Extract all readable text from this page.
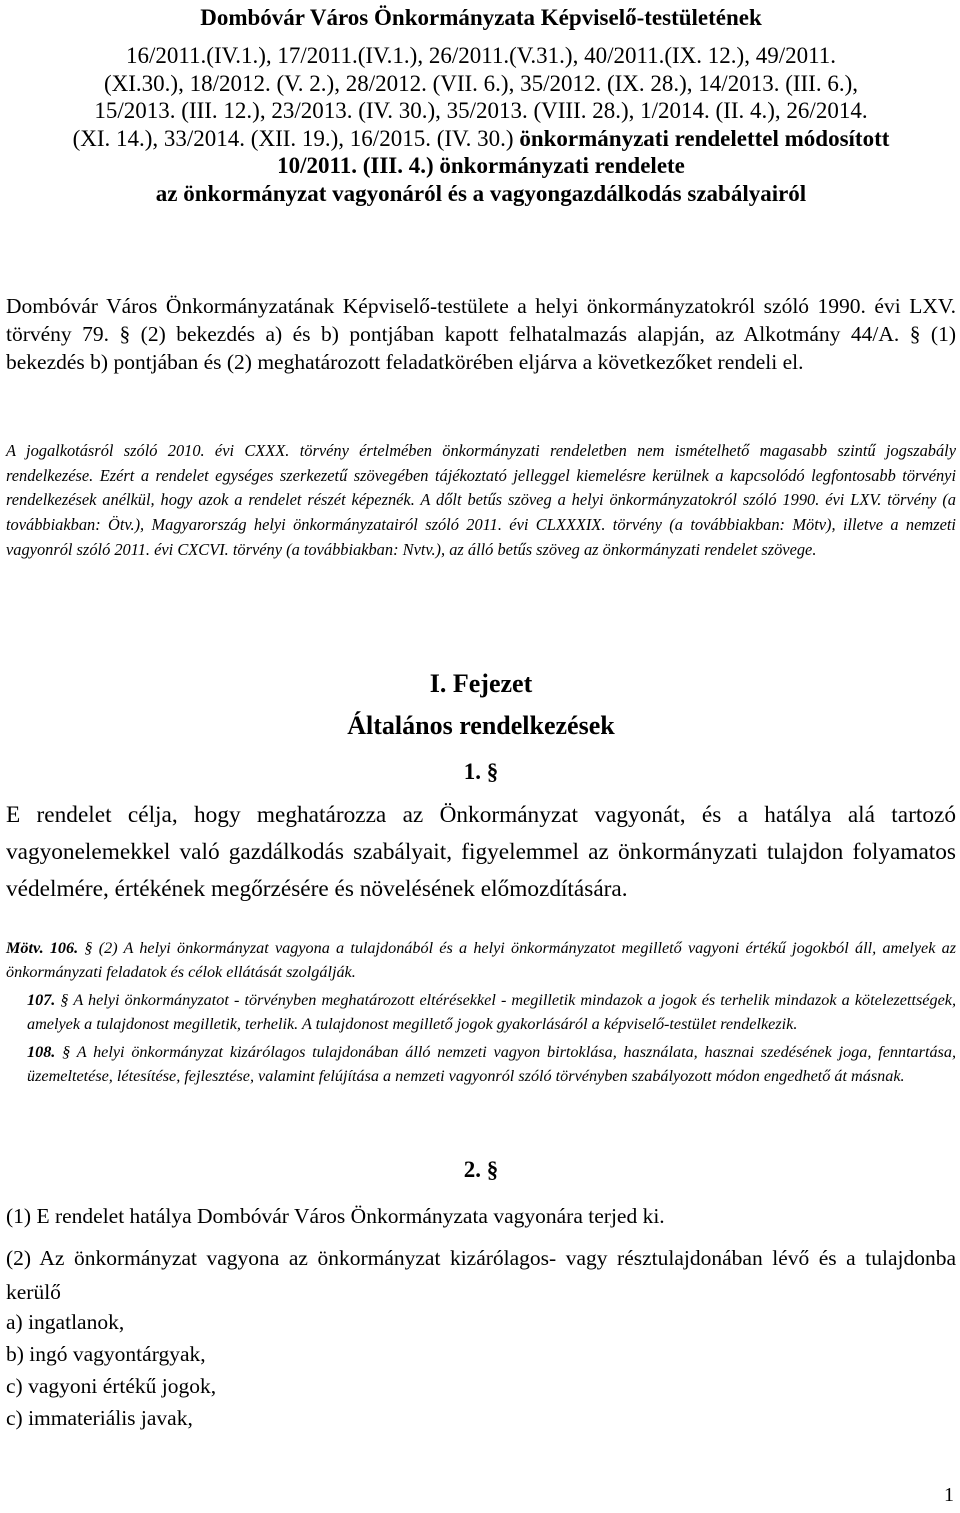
Dombóvár Város Önkormányzata Képviselő-testületének
16/2011.(IV.1.), 17/2011.(IV.1.), 26/2011.(V.31.), 40/2011.(IX. 12.), 49/2011.
(XI.30.), 18/2012. (V. 2.), 28/2012. (VII. 6.), 35/2012. (IX. 28.), 14/2013. (III. 6.),
15/2013. (III. 12.), 23/2013. (IV. 30.), 35/2013. (VIII. 28.), 1/2014. (II. 4.), 26/2014.
(XI. 14.), 33/2014. (XII. 19.), 16/2015. (IV. 30.) önkormányzati rendelettel módosított
10/2011. (III. 4.) önkormányzati rendelete
az önkormányzat vagyonáról és a vagyongazdálkodás szabályairól
Dombóvár Város Önkormányzatának Képviselő-testülete a helyi önkormányzatokról szóló 1990. évi LXV. törvény 79. § (2) bekezdés a) és b) pontjában kapott felhatalmazás alapján, az Alkotmány 44/A. § (1) bekezdés b) pontjában és (2) meghatározott feladatkörében eljárva a következőket rendeli el.
A jogalkotásról szóló 2010. évi CXXX. törvény értelmében önkormányzati rendeletben nem ismételhető magasabb szintű jogszabály rendelkezése. Ezért a rendelet egységes szerkezetű szövegében tájékoztató jelleggel kiemelésre kerülnek a kapcsolódó legfontosabb törvényi rendelkezések anélkül, hogy azok a rendelet részét képeznék. A dőlt betűs szöveg a helyi önkormányzatokról szóló 1990. évi LXV. törvény (a továbbiakban: Ötv.), Magyarország helyi önkormányzatairól szóló 2011. évi CLXXXIX. törvény (a továbbiakban: Mötv), illetve a nemzeti vagyonról szóló 2011. évi CXCVI. törvény (a továbbiakban: Nvtv.), az álló betűs szöveg az önkormányzati rendelet szövege.
I. Fejezet
Általános rendelkezések
1. §
E rendelet célja, hogy meghatározza az Önkormányzat vagyonát, és a hatálya alá tartozó vagyonelemekkel való gazdálkodás szabályait, figyelemmel az önkormányzati tulajdon folyamatos védelmére, értékének megőrzésére és növelésének előmozdítására.

Mötv. 106. § (2) A helyi önkormányzat vagyona a tulajdonából és a helyi önkormányzatot megillető vagyoni értékű jogokból áll, amelyek az önkormányzati feladatok és célok ellátását szolgálják.

107. § A helyi önkormányzatot - törvényben meghatározott eltérésekkel - megilletik mindazok a jogok és terhelik mindazok a kötelezettségek, amelyek a tulajdonost megilletik, terhelik. A tulajdonost megillető jogok gyakorlásáról a képviselő-testület rendelkezik.

108. § A helyi önkormányzat kizárólagos tulajdonában álló nemzeti vagyon birtoklása, használata, hasznai szedésének joga, fenntartása, üzemeltetése, létesítése, fejlesztése, valamint felújítása a nemzeti vagyonról szóló törvényben szabályozott módon engedhető át másnak.

2. §
(1) E rendelet hatálya Dombóvár Város Önkormányzata vagyonára terjed ki.
(2) Az önkormányzat vagyona az önkormányzat kizárólagos- vagy résztulajdonában lévő és a tulajdonba kerülő
a) ingatlanok,
b) ingó vagyontárgyak,
c) vagyoni értékű jogok,
c) immateriális javak,
1
